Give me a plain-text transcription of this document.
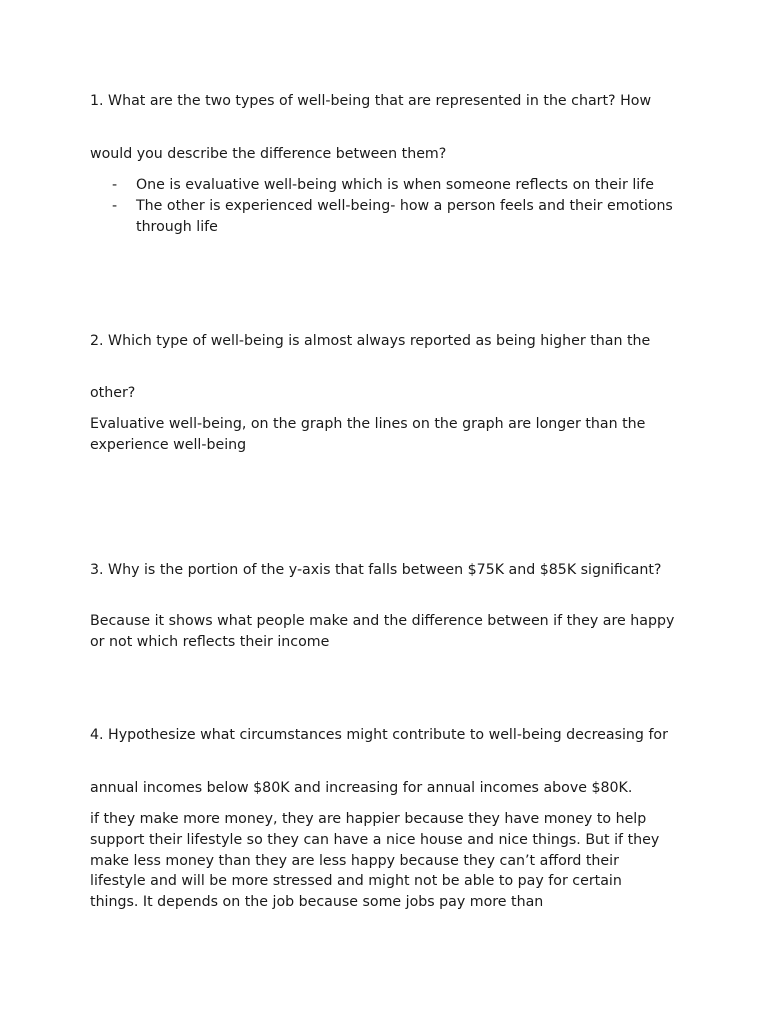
1. What are the two types of well-being that are represented in the chart? How

would you describe the difference between them?

- One is evaluative well-being which is when someone reflects on their life
- The other is experienced well-being- how a person feels and their emotions through life

2. Which type of well-being is almost always reported as being higher than the

other?

Evaluative well-being, on the graph the lines on the graph are longer than the experience well-being

3. Why is the portion of the y-axis that falls between $75K and $85K significant?

Because it shows what people make and the difference between if they are happy or not which reflects their income

4. Hypothesize what circumstances might contribute to well-being decreasing for

annual incomes below $80K and increasing for annual incomes above $80K.

if they make more money, they are happier because they have money to help support their lifestyle so they can have a nice house and nice things. But if they make less money than they are less happy because they can’t afford their lifestyle and will be more stressed and might not be able to pay for certain things. It depends on the job because some jobs pay more than
